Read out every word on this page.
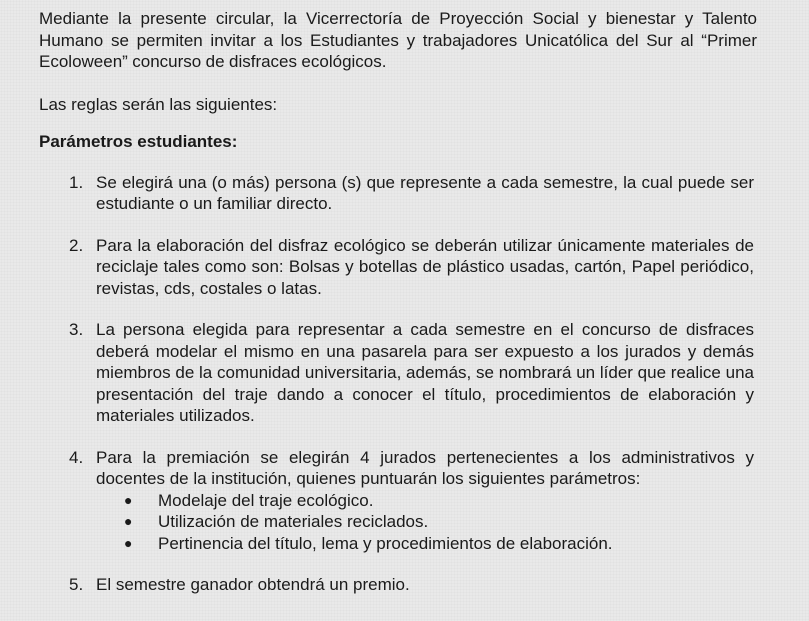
Mediante la presente circular, la Vicerrectoría de Proyección Social y bienestar y Talento Humano se permiten invitar a los Estudiantes y trabajadores Unicatólica del Sur al “Primer Ecoloween” concurso de disfraces ecológicos.

Las reglas serán las siguientes:

Parámetros estudiantes:

1. Se elegirá una (o más) persona (s) que represente a cada semestre, la cual puede ser estudiante o un familiar directo.
2. Para la elaboración del disfraz ecológico se deberán utilizar únicamente materiales de reciclaje tales como son: Bolsas y botellas de plástico usadas, cartón, Papel periódico, revistas, cds, costales o latas.
3. La persona elegida para representar a cada semestre en el concurso de disfraces deberá modelar el mismo en una pasarela para ser expuesto a los jurados y demás miembros de la comunidad universitaria, además, se nombrará un líder que realice una presentación del traje dando a conocer el título, procedimientos de elaboración y materiales utilizados.
4. Para la premiación se elegirán 4 jurados pertenecientes a los administrativos y docentes de la institución, quienes puntuarán los siguientes parámetros:
● Modelaje del traje ecológico.
● Utilización de materiales reciclados.
● Pertinencia del título, lema y procedimientos de elaboración.
5. El semestre ganador obtendrá un premio.
